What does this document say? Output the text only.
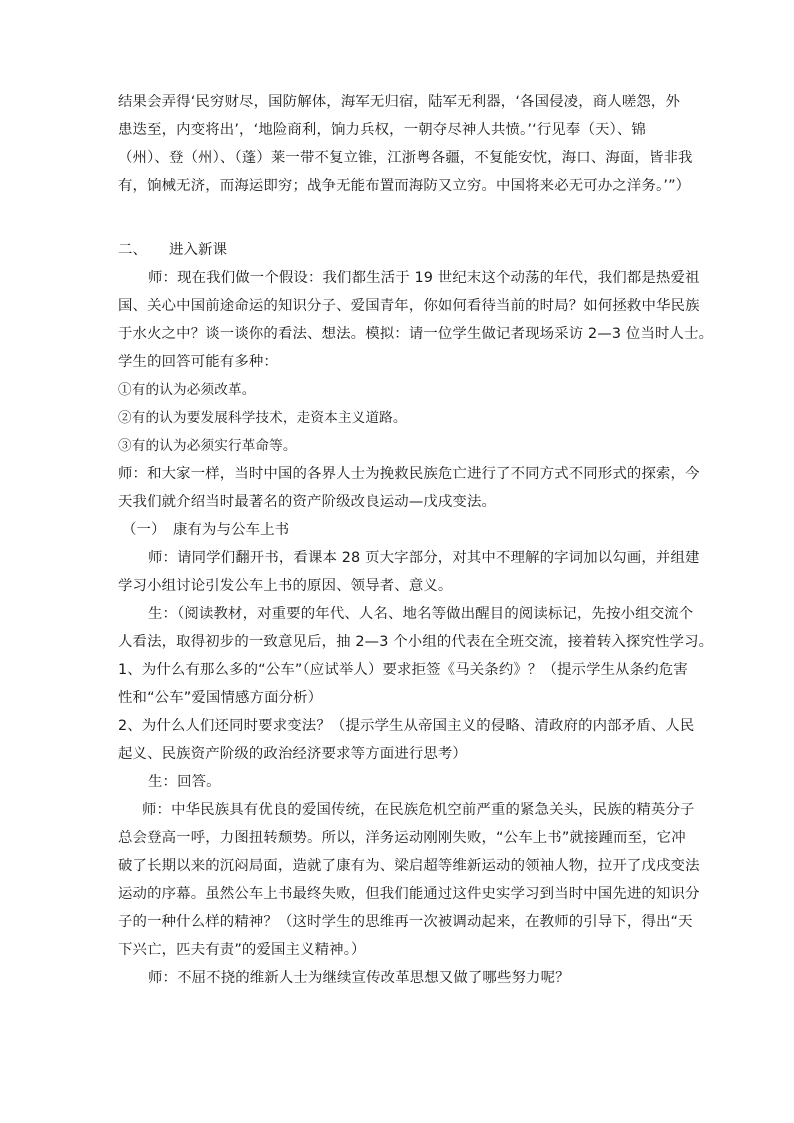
结果会弄得‘民穷财尽，国防解体，海军无归宿，陆军无利器，‘各国侵凌，商人嗟怨，外
患迭至，内变将出’，‘地险商利，饷力兵权，一朝夺尽神人共愤。’‘行见奉（天）、锦
（州）、登（州）、（蓬）莱一带不复立锥，江浙粤各疆，不复能安忱，海口、海面，皆非我
有，饷械无济，而海运即穷；战争无能布置而海防又立穷。中国将来必无可办之洋务。’”）
二、　　进入新课
师：现在我们做一个假设：我们都生活于 19 世纪末这个动荡的年代，我们都是热爱祖
国、关心中国前途命运的知识分子、爱国青年，你如何看待当前的时局？如何拯救中华民族
于水火之中？谈一谈你的看法、想法。模拟：请一位学生做记者现场采访 2—3 位当时人士。
学生的回答可能有多种：
①有的认为必须改革。
②有的认为要发展科学技术，走资本主义道路。
③有的认为必须实行革命等。
师：和大家一样，当时中国的各界人士为挽救民族危亡进行了不同方式不同形式的探索，今
天我们就介绍当时最著名的资产阶级改良运动—戊戌变法。
（一）　康有为与公车上书
师：请同学们翻开书，看课本 28 页大字部分，对其中不理解的字词加以勾画，并组建
学习小组讨论引发公车上书的原因、领导者、意义。
生：（阅读教材，对重要的年代、人名、地名等做出醒目的阅读标记，先按小组交流个
人看法，取得初步的一致意见后，抽 2—3 个小组的代表在全班交流，接着转入探究性学习。
1、为什么有那么多的“公车”（应试举人）要求拒签《马关条约》？（提示学生从条约危害
性和“公车”爱国情感方面分析）
2、为什么人们还同时要求变法？（提示学生从帝国主义的侵略、清政府的内部矛盾、人民
起义、民族资产阶级的政治经济要求等方面进行思考）
生：回答。
师：中华民族具有优良的爱国传统，在民族危机空前严重的紧急关头，民族的精英分子
总会登高一呼，力图扭转颓势。所以，洋务运动刚刚失败，“公车上书”就接踵而至，它冲
破了长期以来的沉闷局面，造就了康有为、梁启超等维新运动的领袖人物，拉开了戊戌变法
运动的序幕。虽然公车上书最终失败，但我们能通过这件史实学习到当时中国先进的知识分
子的一种什么样的精神？（这时学生的思维再一次被调动起来，在教师的引导下，得出“天
下兴亡，匹夫有责”的爱国主义精神。）
师：不屈不挠的维新人士为继续宣传改革思想又做了哪些努力呢？
